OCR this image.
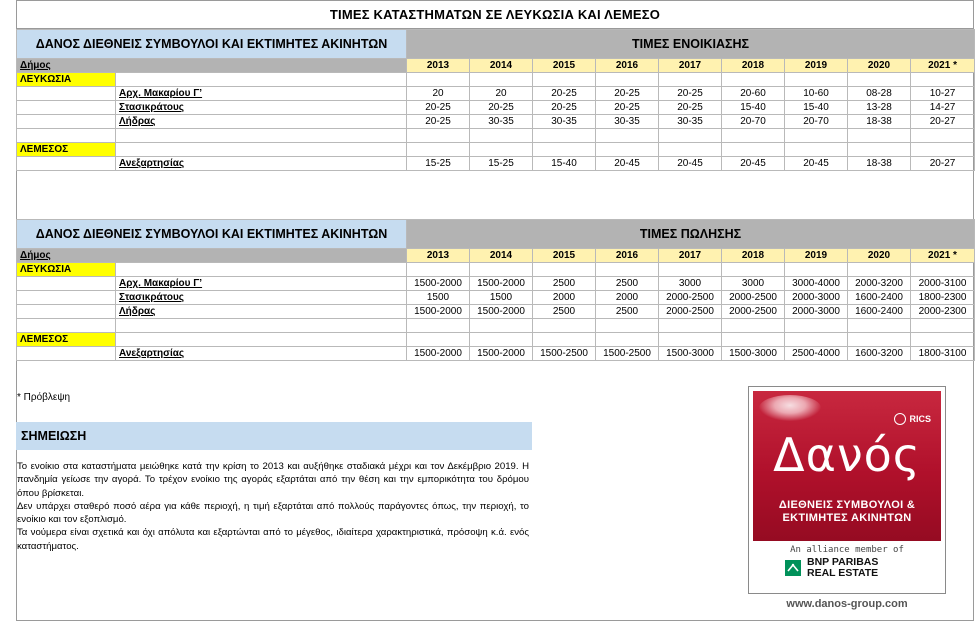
ΤΙΜΕΣ ΚΑΤΑΣΤΗΜΑΤΩΝ ΣΕ ΛΕΥΚΩΣΙΑ ΚΑΙ ΛΕΜΕΣΟ
ΔΑΝΟΣ ΔΙΕΘΝΕΙΣ ΣΥΜΒΟΥΛΟΙ ΚΑΙ ΕΚΤΙΜΗΤΕΣ ΑΚΙΝΗΤΩΝ		ΤΙΜΕΣ ΕΝΟΙΚΙΑΣΗΣ								
Δήμος		2013	2014	2015	2016	2017	2018	2019	2020	2021 *
ΛΕΥΚΩΣΙΑ										
	Αρχ. Μακαρίου Γ’	20	20	20-25	20-25	20-25	20-60	10-60	08-28	10-27
	Στασικράτους	20-25	20-25	20-25	20-25	20-25	15-40	15-40	13-28	14-27
	Λήδρας	20-25	30-35	30-35	30-35	30-35	20-70	20-70	18-38	20-27

ΛΕΜΕΣΟΣ										
	Ανεξαρτησίας	15-25	15-25	15-40	20-45	20-45	20-45	20-45	18-38	20-27
ΔΑΝΟΣ ΔΙΕΘΝΕΙΣ ΣΥΜΒΟΥΛΟΙ ΚΑΙ ΕΚΤΙΜΗΤΕΣ ΑΚΙΝΗΤΩΝ		ΤΙΜΕΣ ΠΩΛΗΣΗΣ								
Δήμος		2013	2014	2015	2016	2017	2018	2019	2020	2021 *
ΛΕΥΚΩΣΙΑ										
	Αρχ. Μακαρίου Γ’	1500-2000	1500-2000	2500	2500	3000	3000	3000-4000	2000-3200	2000-3100
	Στασικράτους	1500	1500	2000	2000	2000-2500	2000-2500	2000-3000	1600-2400	1800-2300
	Λήδρας	1500-2000	1500-2000	2500	2500	2000-2500	2000-2500	2000-3000	1600-2400	2000-2300

ΛΕΜΕΣΟΣ										
	Ανεξαρτησίας	1500-2000	1500-2000	1500-2500	1500-2500	1500-3000	1500-3000	2500-4000	1600-3200	1800-3100
* Πρόβλεψη
ΣΗΜΕΙΩΣΗ

Το ενοίκιο στα καταστήματα μειώθηκε κατά την κρίση το 2013 και αυξήθηκε σταδιακά μέχρι και τον Δεκέμβριο 2019. Η πανδημία γείωσε την αγορά. Το τρέχον ενοίκιο της αγοράς εξαρτάται από την θέση και την εμπορικότητα του δρόμου όπου βρίσκεται.

Δεν υπάρχει σταθερό ποσό αέρα για κάθε περιοχή, η τιμή εξαρτάται από πολλούς παράγοντες όπως, την περιοχή, το ενοίκιο και τον εξοπλισμό.

Τα νούμερα είναι σχετικά και όχι απόλυτα και εξαρτώνται από το μέγεθος, ιδιαίτερα χαρακτηριστικά, πρόσοψη κ.ά. ενός καταστήματος.

RICS
Δανός
ΔΙΕΘΝΕΙΣ ΣΥΜΒΟΥΛΟΙ &
ΕΚΤΙΜΗΤΕΣ ΑΚΙΝΗΤΩΝ
An alliance member of
BNP PARIBAS
REAL ESTATE
www.danos-group.com
